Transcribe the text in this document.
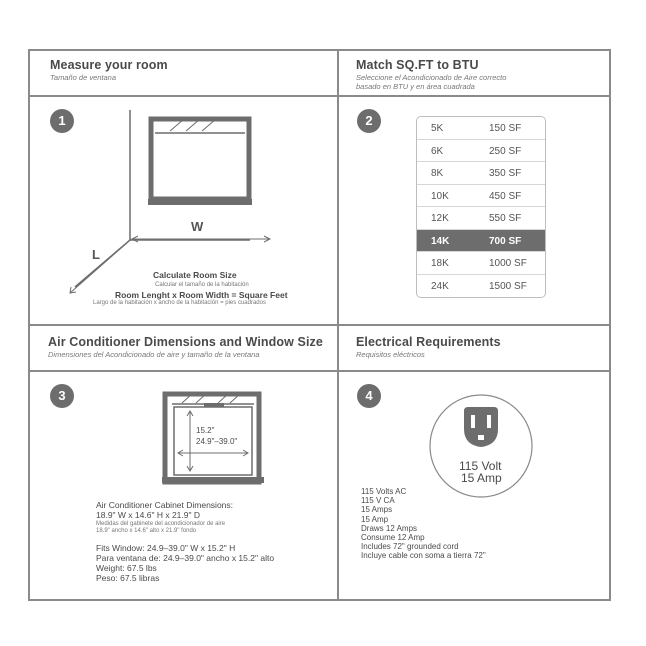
Measure your room
Tamaño de ventana
Match SQ.FT to BTU
Seleccione el Acondicionado de Aire correcto
basado en BTU y en área cuadrada
Air Conditioner Dimensions and Window Size
Dimensiones del Acondicionado de aire y tamaño de la ventana
Electrical Requirements
Requisitos eléctricos
1	2
3	4
W
L
Calculate Room Size
Calcular el tamaño de la habitación
Room Lenght x Room Width = Square Feet
Largo de la habitación x ancho de la habitación = pies cuadrados
5K	150 SF
6K	250 SF
8K	350 SF
10K	450 SF
12K	550 SF
14K	700 SF
18K	1000 SF
24K	1500 SF
15.2"
24.9"–39.0"
Air Conditioner Cabinet Dimensions:
18.9" W x 14.6" H x 21.9" D
Medidas del gabinete del acondicionador de aire
18.9" ancho x 14.6" alto x 21.9" fondo
Fits Window: 24.9–39.0" W x 15.2" H
Para ventana de: 24.9–39.0" ancho x 15.2" alto
Weight: 67.5 lbs
Peso: 67.5 libras
115 Volt
15 Amp
115 Volts AC
115 V CA
15 Amps
15 Amp
Draws 12 Amps
Consume 12 Amp
Includes 72" grounded cord
Incluye cable con soma a tierra 72"
